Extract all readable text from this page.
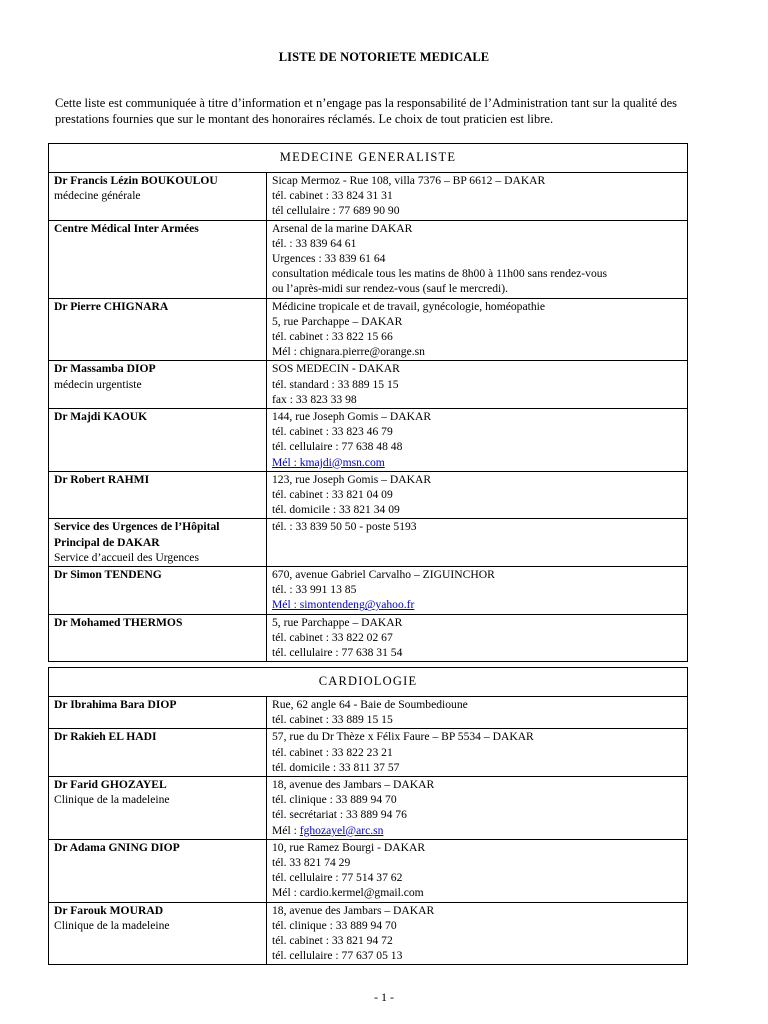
LISTE DE NOTORIETE MEDICALE
Cette liste est communiquée à titre d’information et n’engage pas la responsabilité de l’Administration tant sur la qualité des prestations fournies que sur le montant des honoraires réclamés. Le choix de tout praticien est libre.
MEDECINE GENERALISTE	

Dr Francis Lézin BOUKOULOU
médecine générale	Sicap Mermoz - Rue 108, villa 7376 – BP 6612 – DAKAR
tél. cabinet : 33 824 31 31
tél cellulaire : 77 689 90 90

Centre Médical Inter Armées	Arsenal de la marine DAKAR
tél. : 33 839 64 61
Urgences : 33 839 61 64
consultation médicale tous les matins de 8h00 à 11h00 sans rendez-vous
ou l’après-midi sur rendez-vous (sauf le mercredi).

Dr Pierre CHIGNARA	Médicine tropicale et de travail, gynécologie, homéopathie
5, rue Parchappe – DAKAR
tél. cabinet : 33 822 15 66
Mél : chignara.pierre@orange.sn

Dr Massamba DIOP
médecin urgentiste	SOS MEDECIN - DAKAR
tél. standard : 33 889 15 15
fax : 33 823 33 98

Dr Majdi KAOUK	144, rue Joseph Gomis – DAKAR
tél. cabinet : 33 823 46 79
tél. cellulaire : 77 638 48 48
Mél : kmajdi@msn.com

Dr Robert RAHMI	123, rue Joseph Gomis – DAKAR
tél. cabinet : 33 821 04 09
tél. domicile : 33 821 34 09

Service des Urgences de l’Hôpital Principal de DAKAR
Service d’accueil des Urgences	tél. : 33 839 50 50 - poste 5193

Dr Simon TENDENG	670, avenue Gabriel Carvalho – ZIGUINCHOR
tél. : 33 991 13 85
Mél : simontendeng@yahoo.fr

Dr Mohamed THERMOS	5, rue Parchappe – DAKAR
tél. cabinet : 33 822 02 67
tél. cellulaire : 77 638 31 54
CARDIOLOGIE	

Dr Ibrahima Bara DIOP	Rue, 62 angle 64 - Baie de Soumbedioune
tél. cabinet : 33 889 15 15

Dr Rakieh EL HADI	57, rue du Dr Thèze x Félix Faure – BP 5534 – DAKAR
tél. cabinet : 33 822 23 21
tél. domicile : 33 811 37 57

Dr Farid GHOZAYEL
Clinique de la madeleine	18, avenue des Jambars – DAKAR
tél. clinique : 33 889 94 70
tél. secrétariat : 33 889 94 76
Mél : fghozayel@arc.sn

Dr Adama GNING DIOP	10, rue Ramez Bourgi - DAKAR
tél. 33 821 74 29
tél. cellulaire : 77 514 37 62
Mél : cardio.kermel@gmail.com

Dr Farouk MOURAD
Clinique de la madeleine	18, avenue des Jambars – DAKAR
tél. clinique : 33 889 94 70
tél. cabinet : 33 821 94 72
tél. cellulaire : 77 637 05 13
- 1 -
